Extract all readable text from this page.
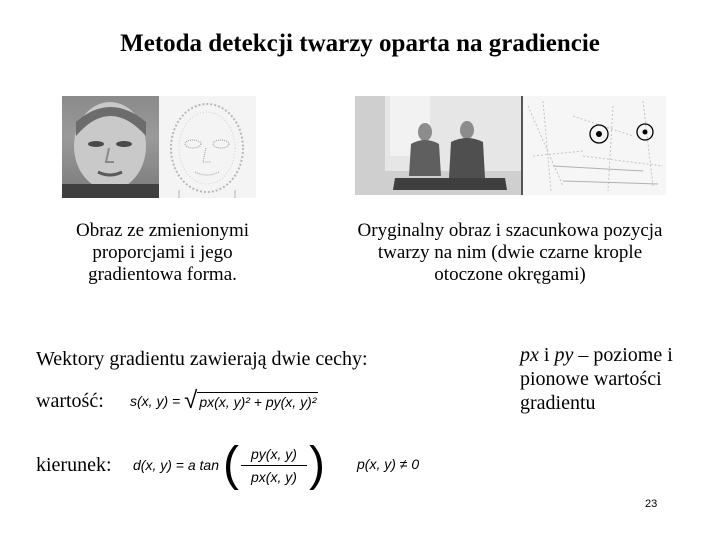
Metoda detekcji twarzy oparta na gradiencie
Obraz ze zmienionymi proporcjami i jego gradientowa forma.
Oryginalny obraz i szacunkowa pozycja twarzy na nim (dwie czarne krople otoczone okręgami)
Wektory gradientu zawierają dwie cechy:
wartość: s(x, y) = √ px(x, y)² + py(x, y)²
kierunek: d(x, y) = a tan ( py(x, y)
px(x, y) ) p(x, y) ≠ 0
px i py – poziome i pionowe wartości gradientu
23
